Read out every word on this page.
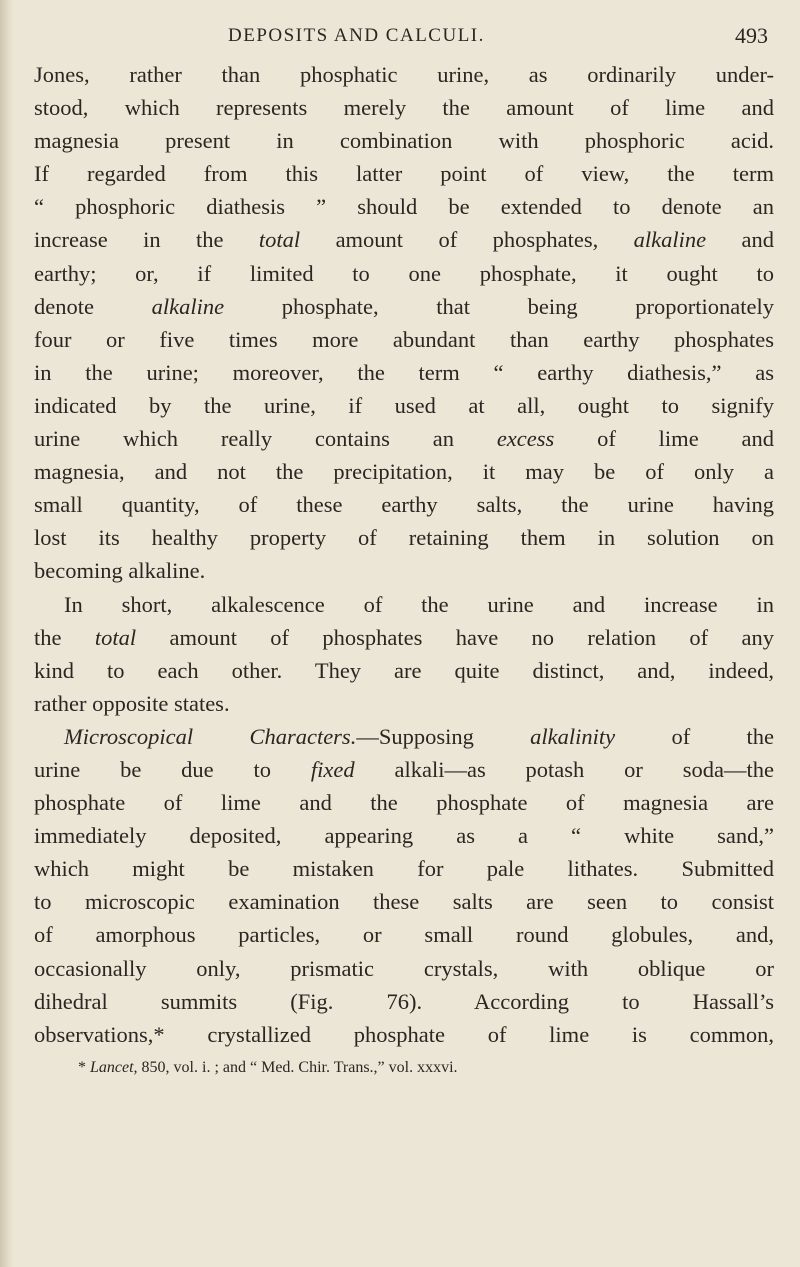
DEPOSITS AND CALCULI.	493
Jones, rather than phosphatic urine, as ordinarily under-
stood, which represents merely the amount of lime and
magnesia present in combination with phosphoric acid.
If regarded from this latter point of view, the term
“ phosphoric diathesis ” should be extended to denote an
increase in the total amount of phosphates, alkaline and
earthy; or, if limited to one phosphate, it ought to
denote alkaline phosphate, that being proportionately
four or five times more abundant than earthy phosphates
in the urine; moreover, the term “ earthy diathesis,” as
indicated by the urine, if used at all, ought to signify
urine which really contains an excess of lime and
magnesia, and not the precipitation, it may be of only a
small quantity, of these earthy salts, the urine having
lost its healthy property of retaining them in solution on
becoming alkaline.
In short, alkalescence of the urine and increase in
the total amount of phosphates have no relation of any
kind to each other. They are quite distinct, and, indeed,
rather opposite states.
Microscopical Characters.—Supposing alkalinity of the
urine be due to fixed alkali—as potash or soda—the
phosphate of lime and the phosphate of magnesia are
immediately deposited, appearing as a “ white sand,”
which might be mistaken for pale lithates. Submitted
to microscopic examination these salts are seen to consist
of amorphous particles, or small round globules, and,
occasionally only, prismatic crystals, with oblique or
dihedral summits (Fig. 76). According to Hassall’s
observations,* crystallized phosphate of lime is common,
* Lancet, 850, vol. i. ; and “ Med. Chir. Trans.,” vol. xxxvi.
